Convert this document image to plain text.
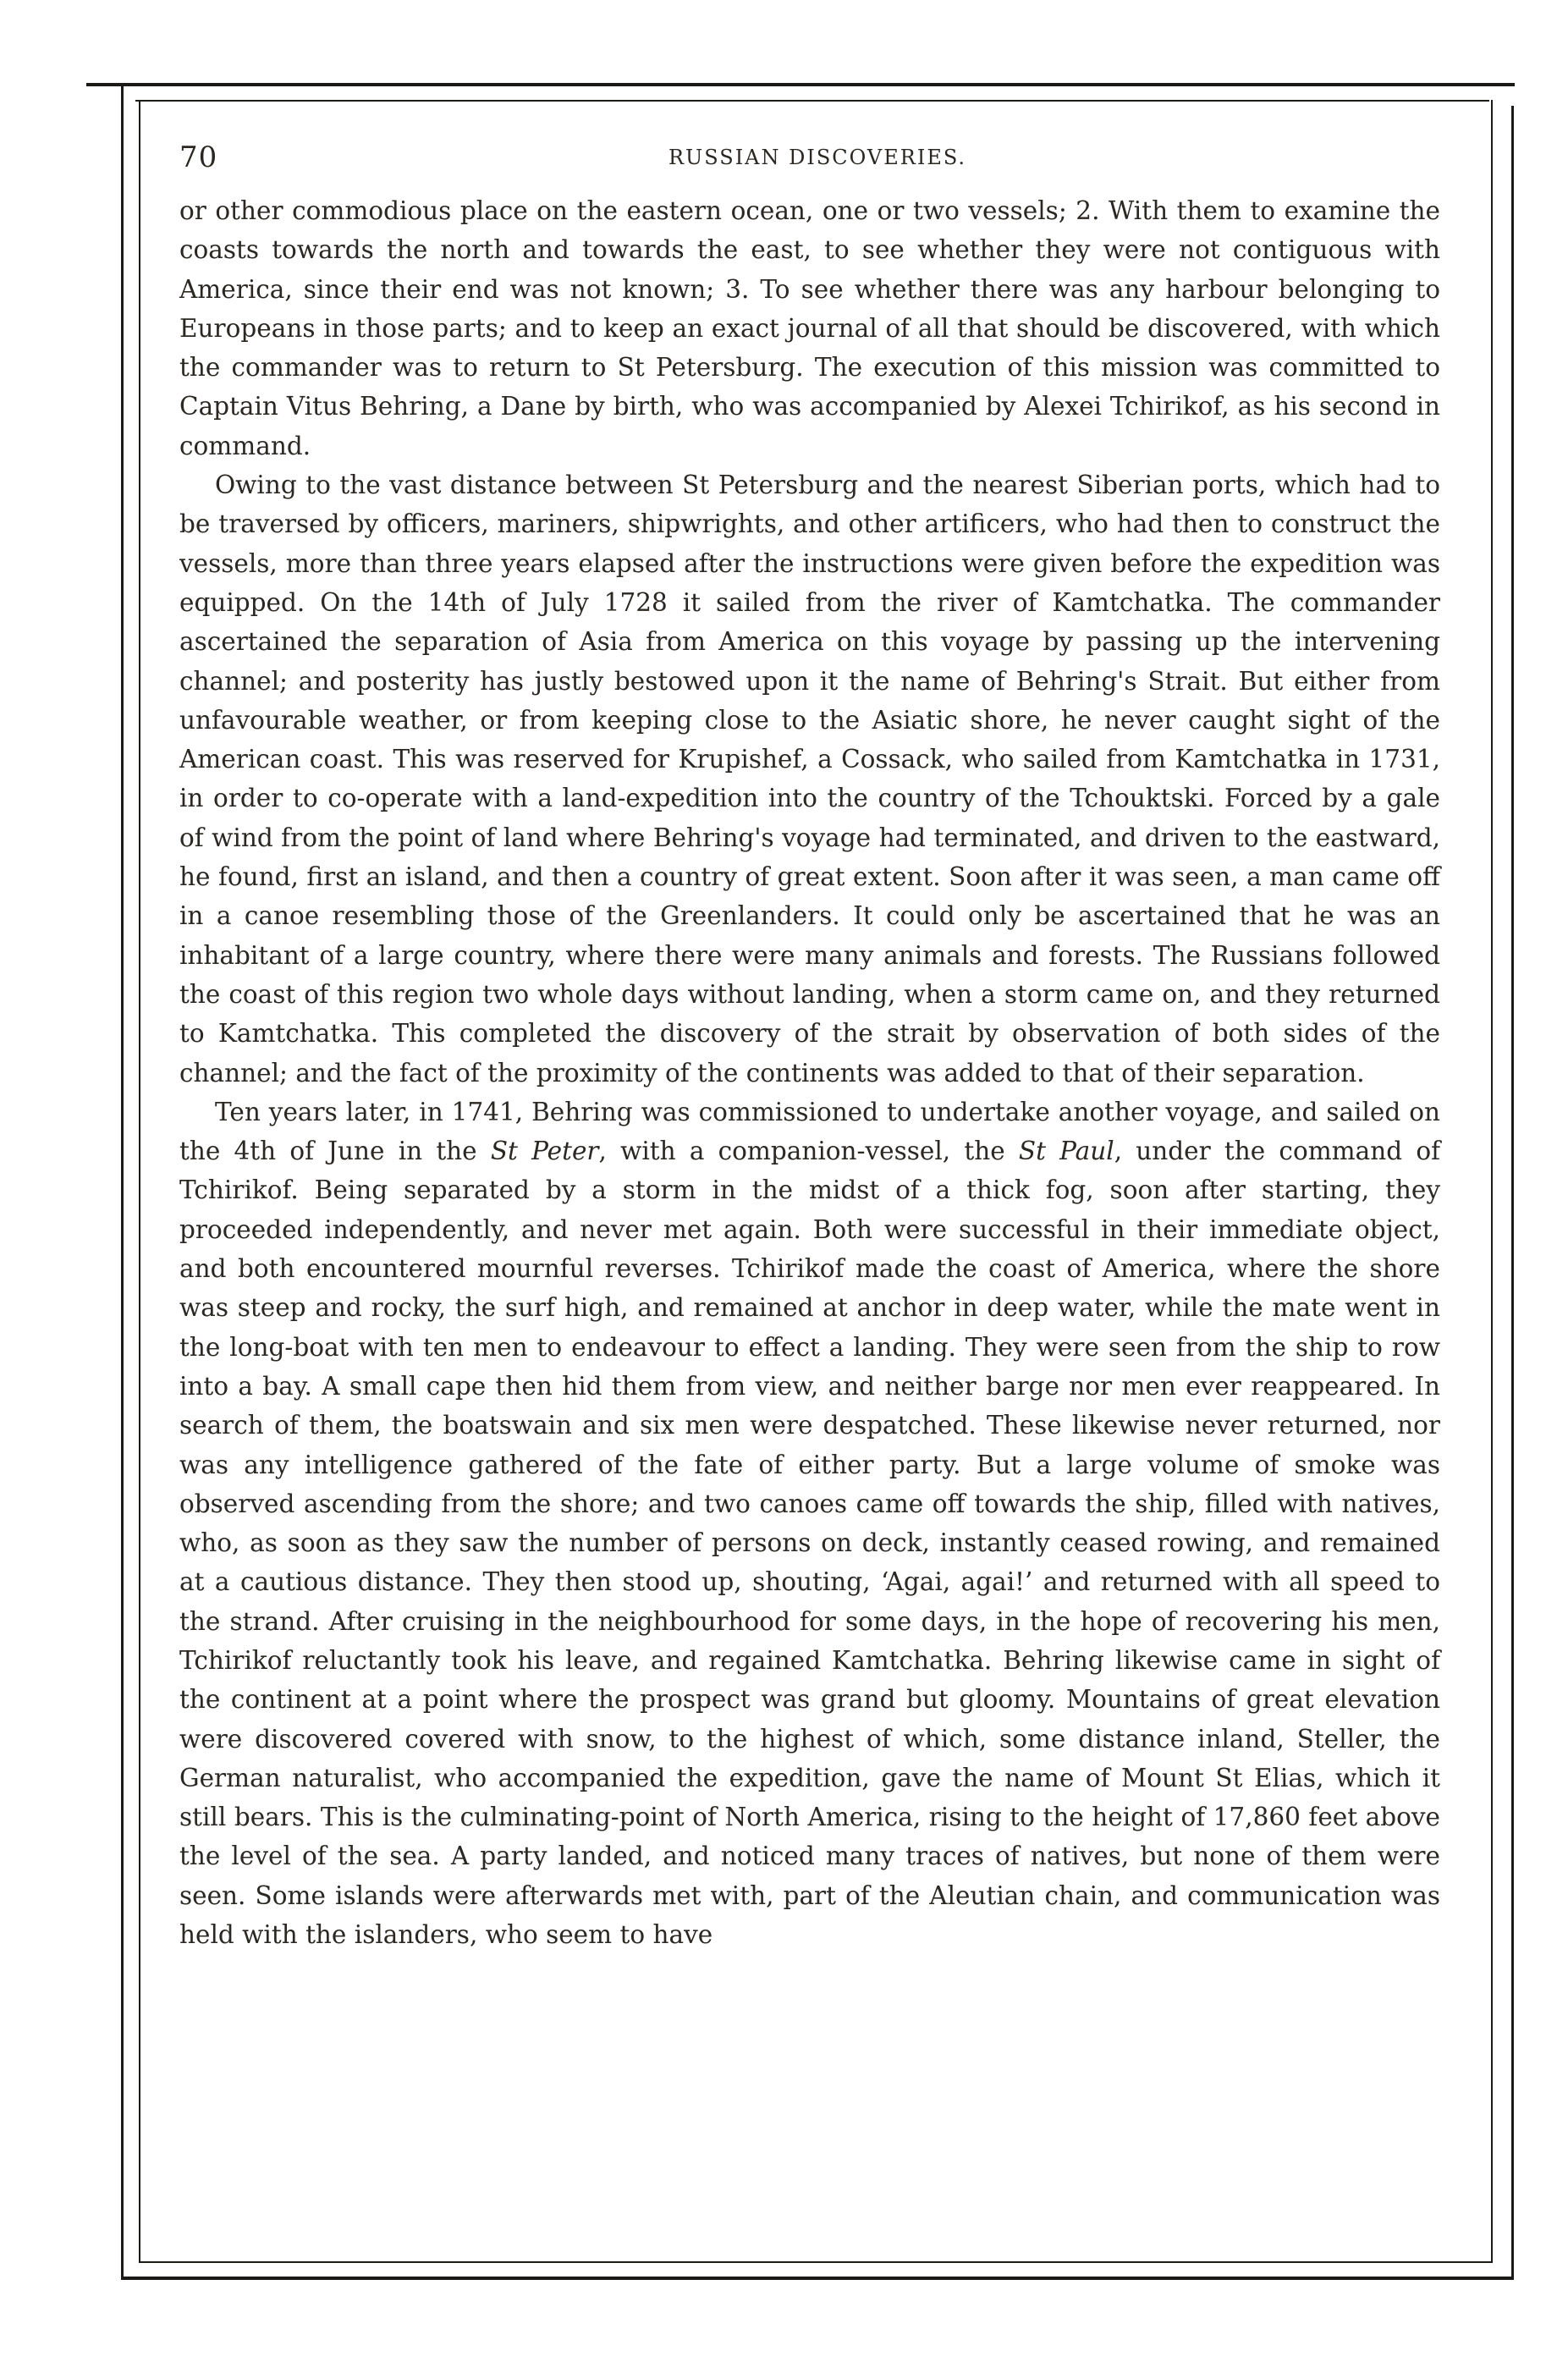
70	RUSSIAN DISCOVERIES.

or other commodious place on the eastern ocean, one or two vessels; 2. With them to examine the coasts towards the north and towards the east, to see whether they were not contiguous with America, since their end was not known; 3. To see whether there was any harbour belonging to Europeans in those parts; and to keep an exact journal of all that should be discovered, with which the commander was to return to St Petersburg. The execution of this mission was committed to Captain Vitus Behring, a Dane by birth, who was accompanied by Alexei Tchirikof, as his second in command.

Owing to the vast distance between St Petersburg and the nearest Siberian ports, which had to be traversed by officers, mariners, shipwrights, and other artificers, who had then to construct the vessels, more than three years elapsed after the instructions were given before the expedition was equipped. On the 14th of July 1728 it sailed from the river of Kamtchatka. The commander ascertained the separation of Asia from America on this voyage by passing up the intervening channel; and posterity has justly bestowed upon it the name of Behring's Strait. But either from unfavourable weather, or from keeping close to the Asiatic shore, he never caught sight of the American coast. This was reserved for Krupishef, a Cossack, who sailed from Kamtchatka in 1731, in order to co-operate with a land-expedition into the country of the Tchouktski. Forced by a gale of wind from the point of land where Behring's voyage had terminated, and driven to the eastward, he found, first an island, and then a country of great extent. Soon after it was seen, a man came off in a canoe resembling those of the Greenlanders. It could only be ascertained that he was an inhabitant of a large country, where there were many animals and forests. The Russians followed the coast of this region two whole days without landing, when a storm came on, and they returned to Kamtchatka. This completed the discovery of the strait by observation of both sides of the channel; and the fact of the proximity of the continents was added to that of their separation.

Ten years later, in 1741, Behring was commissioned to undertake another voyage, and sailed on the 4th of June in the St Peter, with a companion-vessel, the St Paul, under the command of Tchirikof. Being separated by a storm in the midst of a thick fog, soon after starting, they proceeded independently, and never met again. Both were successful in their immediate object, and both encountered mournful reverses. Tchirikof made the coast of America, where the shore was steep and rocky, the surf high, and remained at anchor in deep water, while the mate went in the long-boat with ten men to endeavour to effect a landing. They were seen from the ship to row into a bay. A small cape then hid them from view, and neither barge nor men ever reappeared. In search of them, the boatswain and six men were despatched. These likewise never returned, nor was any intelligence gathered of the fate of either party. But a large volume of smoke was observed ascending from the shore; and two canoes came off towards the ship, filled with natives, who, as soon as they saw the number of persons on deck, instantly ceased rowing, and remained at a cautious distance. They then stood up, shouting, ‘Agai, agai!’ and returned with all speed to the strand. After cruising in the neighbourhood for some days, in the hope of recovering his men, Tchirikof reluctantly took his leave, and regained Kamtchatka. Behring likewise came in sight of the continent at a point where the prospect was grand but gloomy. Mountains of great elevation were discovered covered with snow, to the highest of which, some distance inland, Steller, the German naturalist, who accompanied the expedition, gave the name of Mount St Elias, which it still bears. This is the culminating-point of North America, rising to the height of 17,860 feet above the level of the sea. A party landed, and noticed many traces of natives, but none of them were seen. Some islands were afterwards met with, part of the Aleutian chain, and communication was held with the islanders, who seem to have
